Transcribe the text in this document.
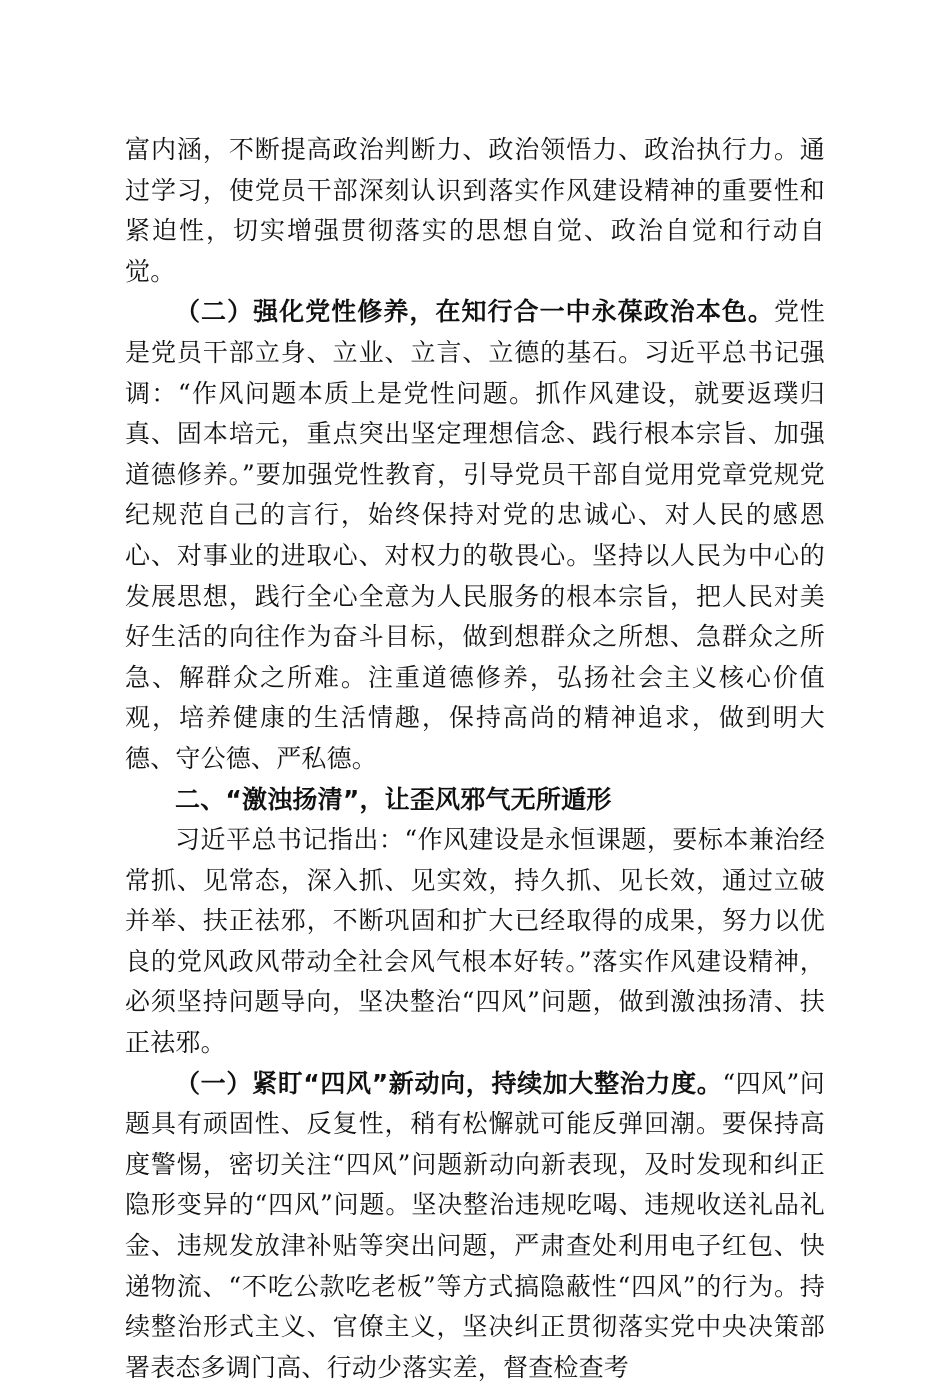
富内涵，不断提高政治判断力、政治领悟力、政治执行力。通过学习，使党员干部深刻认识到落实作风建设精神的重要性和紧迫性，切实增强贯彻落实的思想自觉、政治自觉和行动自觉。

（二）强化党性修养，在知行合一中永葆政治本色。党性是党员干部立身、立业、立言、立德的基石。习近平总书记强调：“作风问题本质上是党性问题。抓作风建设，就要返璞归真、固本培元，重点突出坚定理想信念、践行根本宗旨、加强道德修养。”要加强党性教育，引导党员干部自觉用党章党规党纪规范自己的言行，始终保持对党的忠诚心、对人民的感恩心、对事业的进取心、对权力的敬畏心。坚持以人民为中心的发展思想，践行全心全意为人民服务的根本宗旨，把人民对美好生活的向往作为奋斗目标，做到想群众之所想、急群众之所急、解群众之所难。注重道德修养，弘扬社会主义核心价值观，培养健康的生活情趣，保持高尚的精神追求，做到明大德、守公德、严私德。

二、“激浊扬清”，让歪风邪气无所遁形

习近平总书记指出：“作风建设是永恒课题，要标本兼治经常抓、见常态，深入抓、见实效，持久抓、见长效，通过立破并举、扶正祛邪，不断巩固和扩大已经取得的成果，努力以优良的党风政风带动全社会风气根本好转。”落实作风建设精神，必须坚持问题导向，坚决整治“四风”问题，做到激浊扬清、扶正祛邪。

（一）紧盯“四风”新动向，持续加大整治力度。“四风”问题具有顽固性、反复性，稍有松懈就可能反弹回潮。要保持高度警惕，密切关注“四风”问题新动向新表现，及时发现和纠正隐形变异的“四风”问题。坚决整治违规吃喝、违规收送礼品礼金、违规发放津补贴等突出问题，严肃查处利用电子红包、快递物流、“不吃公款吃老板”等方式搞隐蔽性“四风”的行为。持续整治形式主义、官僚主义，坚决纠正贯彻落实党中央决策部署表态多调门高、行动少落实差，督查检查考
